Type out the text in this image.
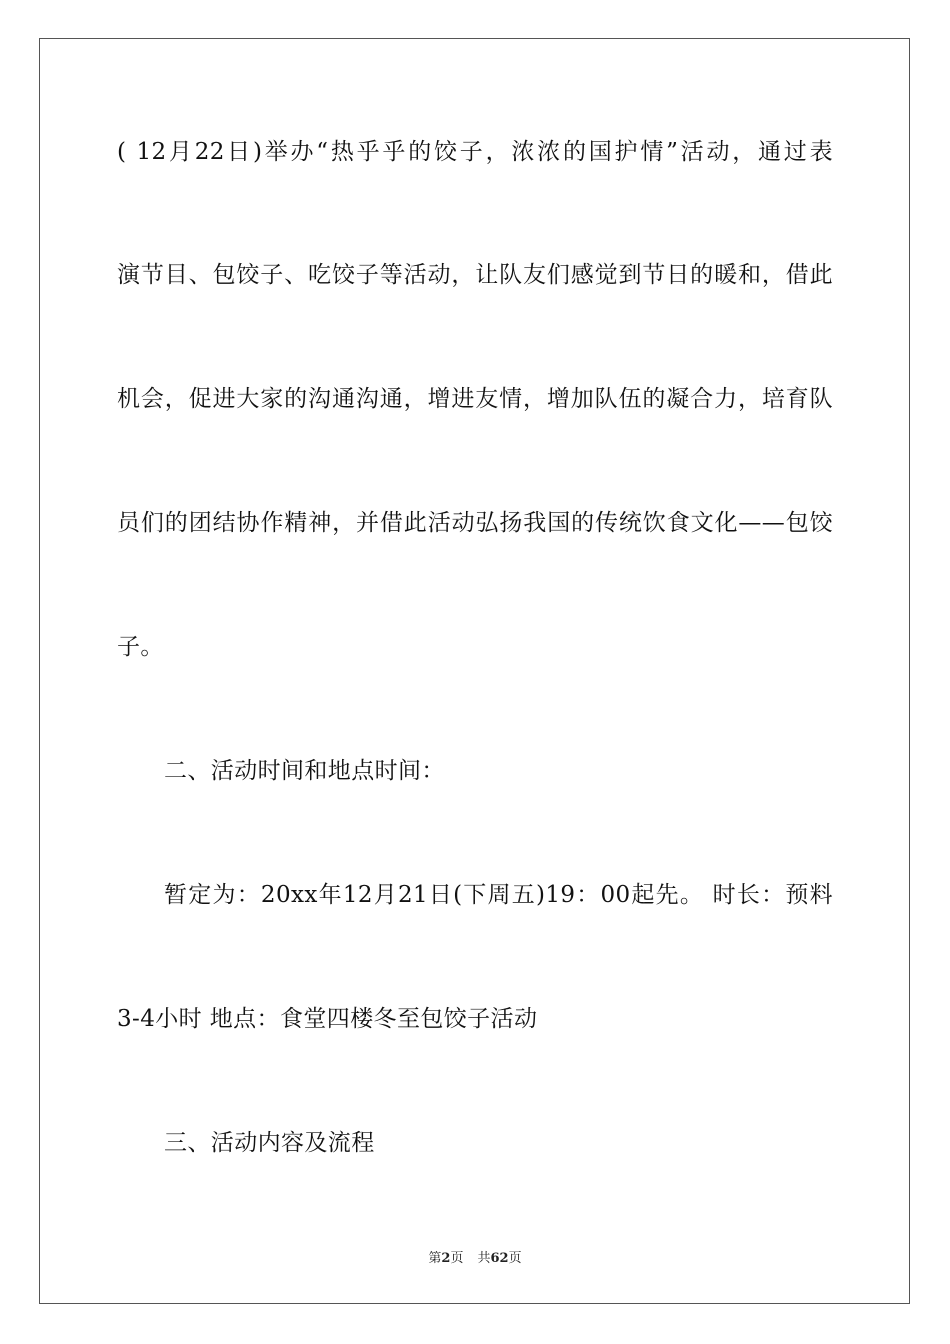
( 12月22日)举办“热乎乎的饺子，浓浓的国护情”活动，通过表
演节目、包饺子、吃饺子等活动，让队友们感觉到节日的暖和，借此
机会，促进大家的沟通沟通，增进友情，增加队伍的凝合力，培育队
员们的团结协作精神，并借此活动弘扬我国的传统饮食文化——包饺
子。
二、活动时间和地点时间：
暂定为：20xx年12月21日(下周五)19：00起先。 时长：预料
3-4小时 地点：食堂四楼冬至包饺子活动
三、活动内容及流程
第2页 共62页
